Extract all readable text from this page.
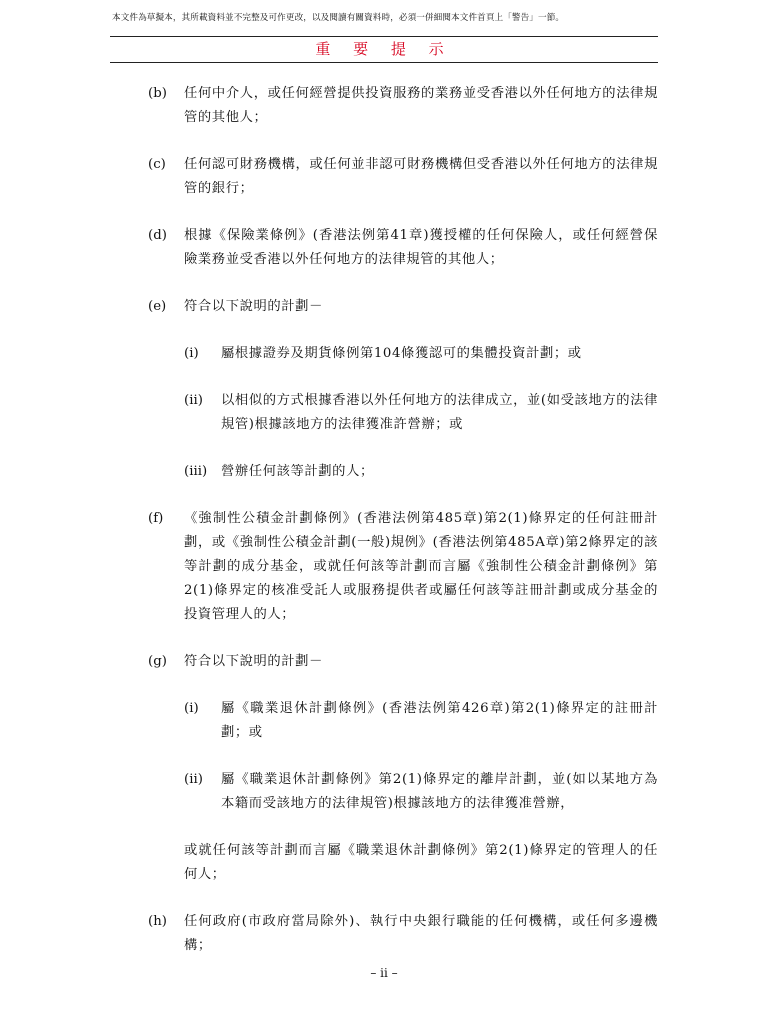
本文件為草擬本，其所載資料並不完整及可作更改，以及閱讀有關資料時，必須一併細閱本文件首頁上「警告」一節。
重 要 提 示
(b) 任何中介人，或任何經營提供投資服務的業務並受香港以外任何地方的法律規管的其他人；
(c) 任何認可財務機構，或任何並非認可財務機構但受香港以外任何地方的法律規管的銀行；
(d) 根據《保險業條例》(香港法例第41章)獲授權的任何保險人，或任何經營保險業務並受香港以外任何地方的法律規管的其他人；
(e) 符合以下說明的計劃－
(i) 屬根據證券及期貨條例第104條獲認可的集體投資計劃；或
(ii) 以相似的方式根據香港以外任何地方的法律成立，並(如受該地方的法律規管)根據該地方的法律獲准許營辦；或
(iii) 營辦任何該等計劃的人；
(f) 《強制性公積金計劃條例》(香港法例第485章)第2(1)條界定的任何註冊計劃，或《強制性公積金計劃(一般)規例》(香港法例第485A章)第2條界定的該等計劃的成分基金，或就任何該等計劃而言屬《強制性公積金計劃條例》第2(1)條界定的核准受託人或服務提供者或屬任何該等註冊計劃或成分基金的投資管理人的人；
(g) 符合以下說明的計劃－
(i) 屬《職業退休計劃條例》(香港法例第426章)第2(1)條界定的註冊計劃；或
(ii) 屬《職業退休計劃條例》第2(1)條界定的離岸計劃，並(如以某地方為本籍而受該地方的法律規管)根據該地方的法律獲准營辦，
或就任何該等計劃而言屬《職業退休計劃條例》第2(1)條界定的管理人的任何人；
(h) 任何政府(市政府當局除外)、執行中央銀行職能的任何機構，或任何多邊機構；
– ii –
